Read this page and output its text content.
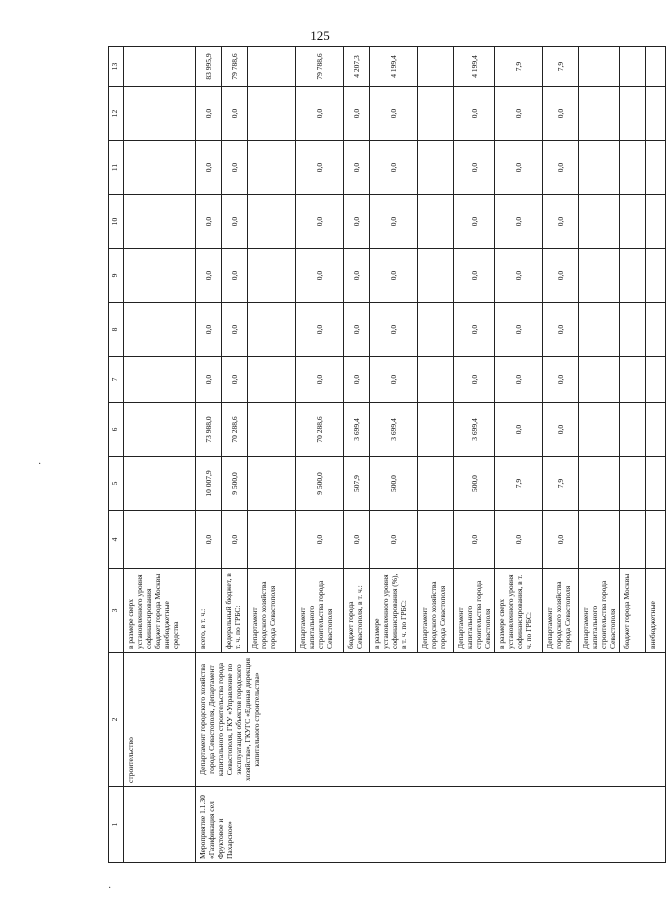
125
·
·
1	2	3	4	5	6	7	8	9	10	11	12	13
	строительство	в размере сверх установленного уровня софинансирования бюджет города Москвы внебюджетные средства										
Мероприятие 1.1.30 «Газификация сел Фруктовое и Пахарсное»	Департамент городского хозяйства города Севастополя, Департамент капитального строительства города Севастополя, ГКУ «Управление по эксплуатации объектов городского хозяйства», ГКУГС «Единая дирекция капитального строительства»	всего, в т. ч.:	0,0	10 007,9	73 988,0	0,0	0,0	0,0	0,0	0,0	0,0	83 995,9
		федеральный бюджет, в т. ч. по ГРБС:	0,0	9 500,0	70 288,6	0,0	0,0	0,0	0,0	0,0	0,0	79 788,6
		Департамент городского хозяйства города Севастополя										
		Департамент капитального строительства города Севастополя	0,0	9 500,0	70 288,6	0,0	0,0	0,0	0,0	0,0	0,0	79 788,6
		бюджет города Севастополя, в т. ч.:	0,0	507,9	3 699,4	0,0	0,0	0,0	0,0	0,0	0,0	4 207,3
		в размере установленного уровня софинансирования (%), в т. ч. по ГРБС:	0,0	500,0	3 699,4	0,0	0,0	0,0	0,0	0,0	0,0	4 199,4
		Департамент городского хозяйства города Севастополя										
		Департамент капитального строительства города Севастополя	0,0	500,0	3 699,4	0,0	0,0	0,0	0,0	0,0	0,0	4 199,4
		в размере сверх установленного уровня софинансирования, в т. ч. по ГРБС:	0,0	7,9	0,0	0,0	0,0	0,0	0,0	0,0	0,0	7,9
		Департамент городского хозяйства города Севастополя	0,0	7,9	0,0	0,0	0,0	0,0	0,0	0,0	0,0	7,9
		Департамент капитального строительства города Севастополя										
		бюджет города Москвы										
		внебюджетные										
